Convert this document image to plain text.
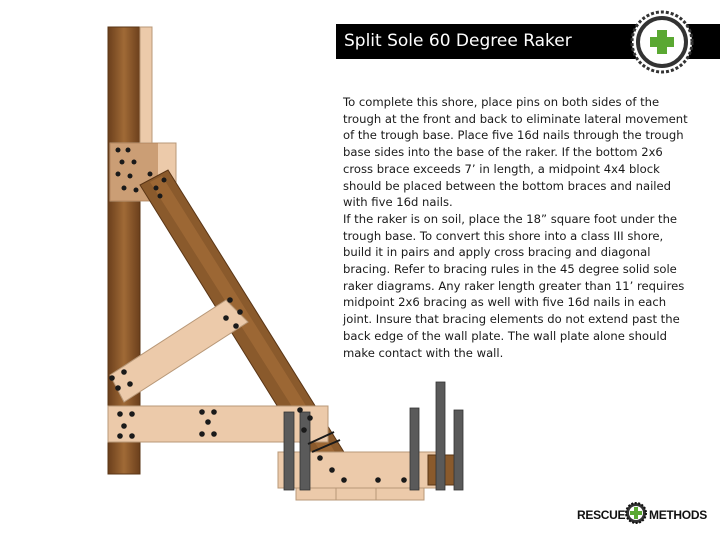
Split Sole 60 Degree Raker

To complete this shore, place pins on both sides of the trough at the front and back to eliminate lateral movement of the trough base. Place five 16d nails through the trough base sides into the base of the raker. If the bottom 2x6 cross brace exceeds 7’ in length, a midpoint 4x4 block should be placed between the bottom braces and nailed with five 16d nails.

If the raker is on soil, place the 18” square foot under the trough base. To convert this shore into a class III shore, build it in pairs and apply cross bracing and diagonal bracing. Refer to bracing rules in the 45 degree solid sole raker diagrams. Any raker length greater than 11’ requires midpoint 2x6 bracing as well with five 16d nails in each joint. Insure that bracing elements do not extend past the back edge of the wall plate. The wall plate alone should make contact with the wall.

RESCUE METHODS
